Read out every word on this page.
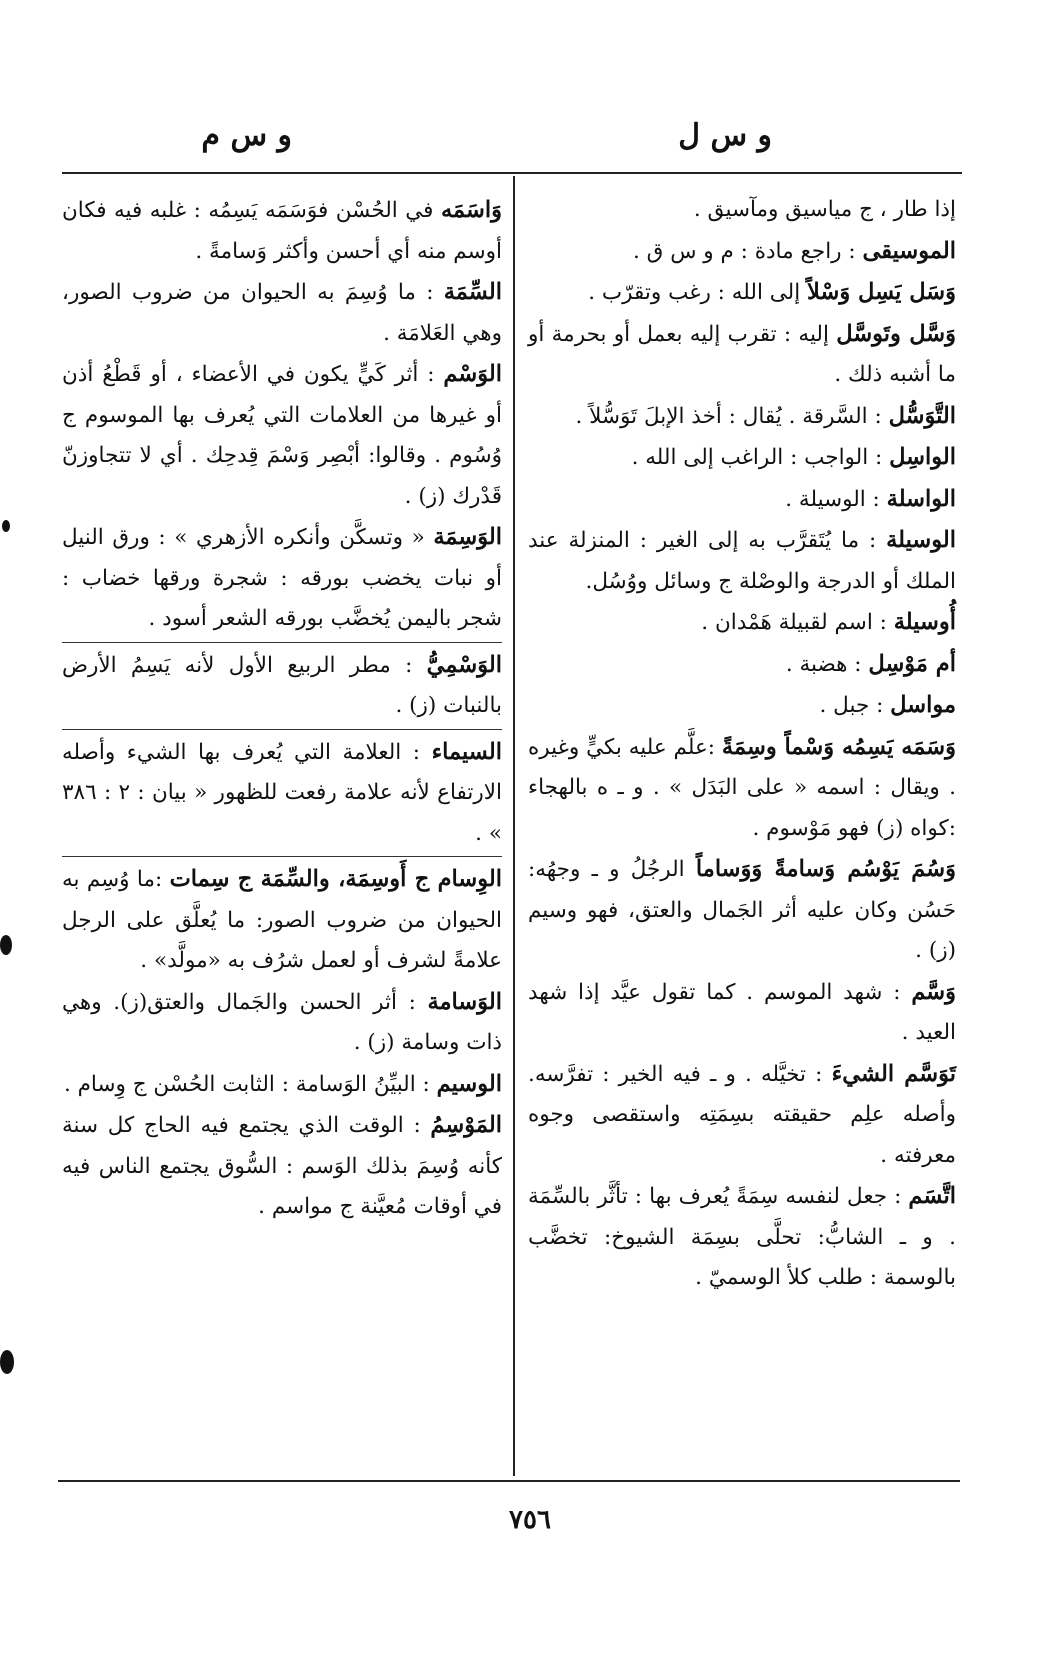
و س ل
و س م

إذا طار ، ج مياسيق ومآسيق .

الموسيقى : راجع مادة : م و س ق .

وَسَل يَسِل وَسْلاً إلى الله : رغب وتقرّب .

وَسَّل وتَوسَّل إليه : تقرب إليه بعمل أو بحرمة أو ما أشبه ذلك .

التَّوَسُّل : السَّرقة . يُقال : أخذ الإبلَ تَوَسُّلاً .

الواسِل : الواجب : الراغب إلى الله .

الواسلة : الوسيلة .

الوسيلة : ما يُتَقرَّب به إلى الغير : المنزلة عند الملك أو الدرجة والوصْلة ج وسائل ووُسُل.

أُوسيلة : اسم لقبيلة هَمْدان .

أم مَوْسِل : هضبة .

مواسل : جبل .

وَسَمَه يَسِمُه وَسْماً وسِمَةً :علَّم عليه بكيٍّ وغيره . ويقال : اسمه « على البَدَل » . و ـ ه بالهجاء :كواه (ز) فهو مَوْسوم .

وَسُمَ يَوْسُم وَسامةً وَوَساماً الرجُلُ و ـ وجهُه: حَسُن وكان عليه أثر الجَمال والعتق، فهو وسيم (ز) .

وَسَّم : شهد الموسم . كما تقول عيَّد إذا شهد العيد .

تَوَسَّم الشيءَ : تخيَّله . و ـ فيه الخير : تفرَّسه. وأصله علِم حقيقته بسِمَتِه واستقصى وجوه معرفته .

اتَّسَم : جعل لنفسه سِمَةً يُعرف بها : تأثَّر بالسِّمَة . و ـ الشابُّ: تحلَّى بسِمَة الشيوخ: تخضَّب بالوسمة : طلب كلأ الوسميّ .

وَاسَمَه في الحُسْن فوَسَمَه يَسِمُه : غلبه فيه فكان أوسم منه أي أحسن وأكثر وَسامةً .

السِّمَة : ما وُسِمَ به الحيوان من ضروب الصور، وهي العَلامَة .

الوَسْم : أثر كَيٍّ يكون في الأعضاء ، أو قَطْعُ أذن أو غيرها من العلامات التي يُعرف بها الموسوم ج وُسُوم . وقالوا: أبْصِر وَسْمَ قِدحِك . أي لا تتجاوزنّ قَدْرك (ز) .

الوَسِمَة « وتسكَّن وأنكره الأزهري » : ورق النيل أو نبات يخضب بورقه : شجرة ورقها خضاب : شجر باليمن يُخضَّب بورقه الشعر أسود .

الوَسْمِيُّ : مطر الربيع الأول لأنه يَسِمُ الأرض بالنبات (ز) .

السيماء : العلامة التي يُعرف بها الشيء وأصله الارتفاع لأنه علامة رفعت للظهور « بيان : ٢ : ٣٨٦ » .

الوِسام ج أَوسِمَة، والسِّمَة ج سِمات :ما وُسِم به الحيوان من ضروب الصور: ما يُعلَّق على الرجل علامةً لشرف أو لعمل شرُف به «مولَّد» .

الوَسامة : أثر الحسن والجَمال والعتق(ز). وهي ذات وسامة (ز) .

الوسيم : البيِّنُ الوَسامة : الثابت الحُسْن ج وِسام .

المَوْسِمُ : الوقت الذي يجتمع فيه الحاج كل سنة كأنه وُسِمَ بذلك الوَسم : السُّوق يجتمع الناس فيه في أوقات مُعيَّنة ج مواسم .

٧٥٦
